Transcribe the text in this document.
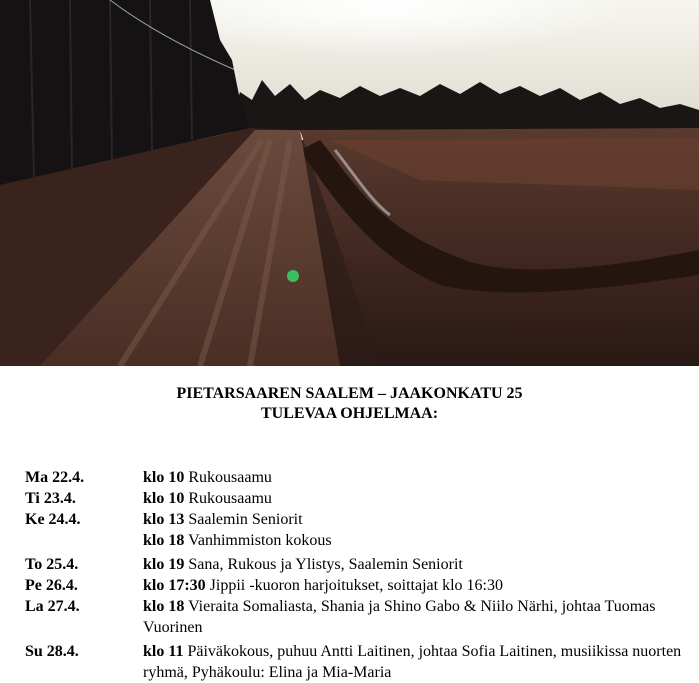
PIETARSAAREN SAALEM – JAAKONKATU 25
TULEVAA OHJELMAA:
Ma 22.4.	klo 10 Rukousaamu
Ti 23.4.	klo 10 Rukousaamu
Ke 24.4.	klo 13 Saalemin Seniorit
klo 18 Vanhimmiston kokous
To 25.4.	klo 19 Sana, Rukous ja Ylistys, Saalemin Seniorit
Pe 26.4.	klo 17:30 Jippii -kuoron harjoitukset, soittajat klo 16:30
La 27.4.	klo 18 Vieraita Somaliasta, Shania ja Shino Gabo & Niilo Närhi, johtaa Tuomas Vuorinen
Su 28.4.	klo 11 Päiväkokous, puhuu Antti Laitinen, johtaa Sofia Laitinen, musiikissa nuorten ryhmä, Pyhäkoulu: Elina ja Mia-Maria
